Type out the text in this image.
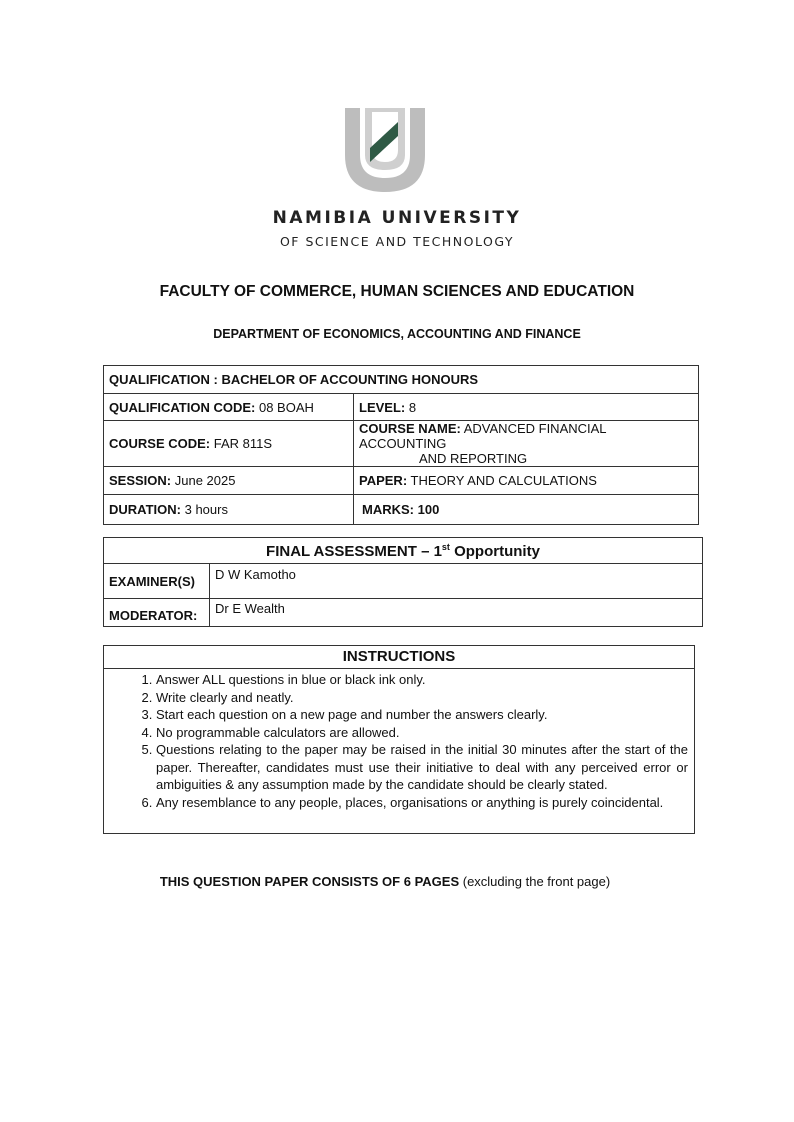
NAMIBIA UNIVERSITY
OF SCIENCE AND TECHNOLOGY
FACULTY OF COMMERCE, HUMAN SCIENCES AND EDUCATION
DEPARTMENT OF ECONOMICS, ACCOUNTING AND FINANCE
QUALIFICATION : BACHELOR OF ACCOUNTING HONOURS	
QUALIFICATION CODE: 08 BOAH	LEVEL: 8
COURSE CODE: FAR 811S	COURSE NAME: ADVANCED FINANCIAL ACCOUNTING
AND REPORTING
SESSION: June 2025	PAPER: THEORY AND CALCULATIONS
DURATION: 3 hours	MARKS: 100
FINAL ASSESSMENT – 1st Opportunity	
EXAMINER(S)	D W Kamotho
MODERATOR:	Dr E Wealth
INSTRUCTIONS
1. Answer ALL questions in blue or black ink only.
2. Write clearly and neatly.
3. Start each question on a new page and number the answers clearly.
4. No programmable calculators are allowed.
5. Questions relating to the paper may be raised in the initial 30 minutes after the start of the paper. Thereafter, candidates must use their initiative to deal with any perceived error or ambiguities & any assumption made by the candidate should be clearly stated.
6. Any resemblance to any people, places, organisations or anything is purely coincidental.
THIS QUESTION PAPER CONSISTS OF 6 PAGES (excluding the front page)
